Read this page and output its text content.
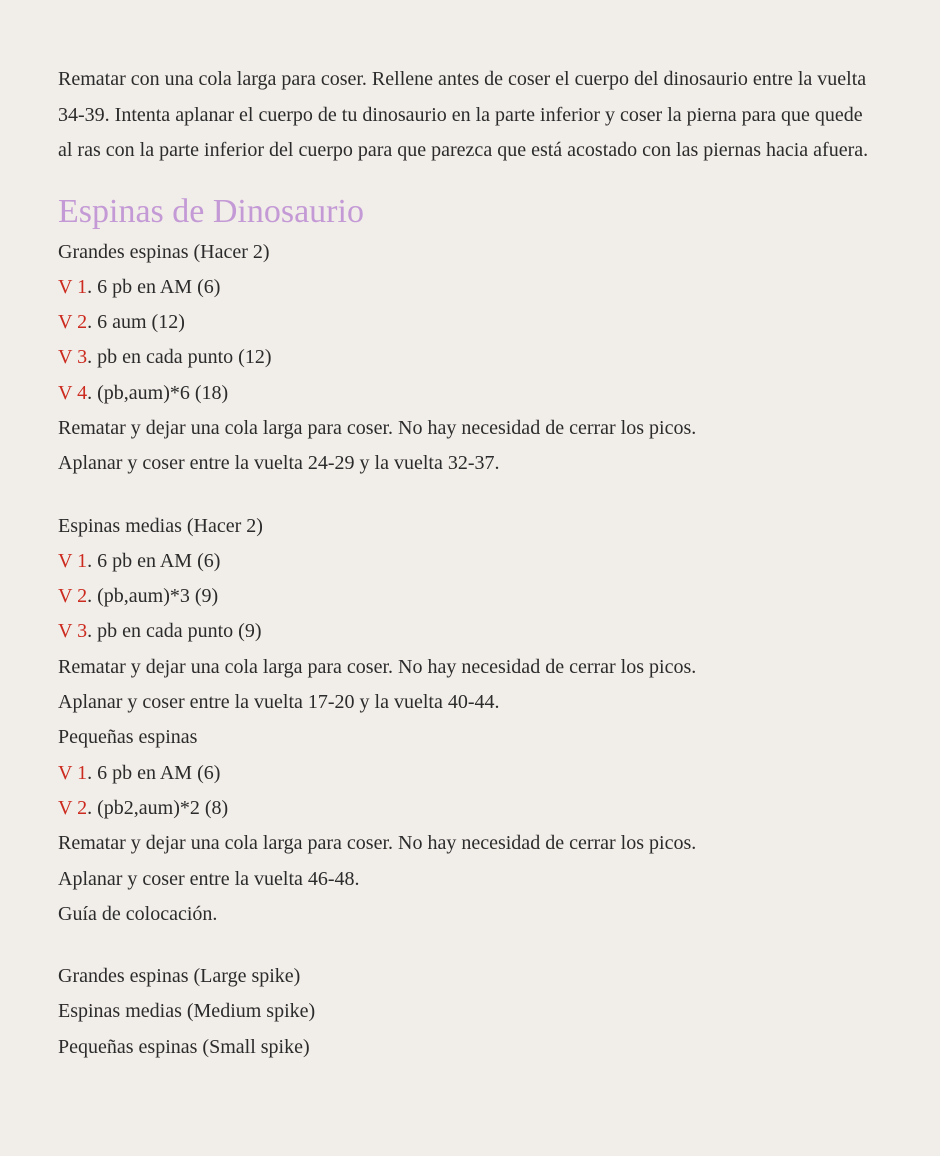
Rematar con una cola larga para coser. Rellene antes de coser el cuerpo del dinosaurio entre la vuelta 34-39. Intenta aplanar el cuerpo de tu dinosaurio en la parte inferior y coser la pierna para que quede al ras con la parte inferior del cuerpo para que parezca que está acostado con las piernas hacia afuera.

Espinas de Dinosaurio

Grandes espinas (Hacer 2)

V 1. 6 pb en AM (6)

V 2. 6 aum (12)

V 3. pb en cada punto (12)

V 4. (pb,aum)*6 (18)

Rematar y dejar una cola larga para coser. No hay necesidad de cerrar los picos.

Aplanar y coser entre la vuelta 24-29 y la vuelta 32-37.

Espinas medias (Hacer 2)

V 1. 6 pb en AM (6)

V 2. (pb,aum)*3 (9)

V 3. pb en cada punto (9)

Rematar y dejar una cola larga para coser. No hay necesidad de cerrar los picos.

Aplanar y coser entre la vuelta 17-20 y la vuelta 40-44.

Pequeñas espinas

V 1. 6 pb en AM (6)

V 2. (pb2,aum)*2 (8)

Rematar y dejar una cola larga para coser. No hay necesidad de cerrar los picos.

Aplanar y coser entre la vuelta 46-48.

Guía de colocación.

Grandes espinas (Large spike)

Espinas medias (Medium spike)

Pequeñas espinas (Small spike)
